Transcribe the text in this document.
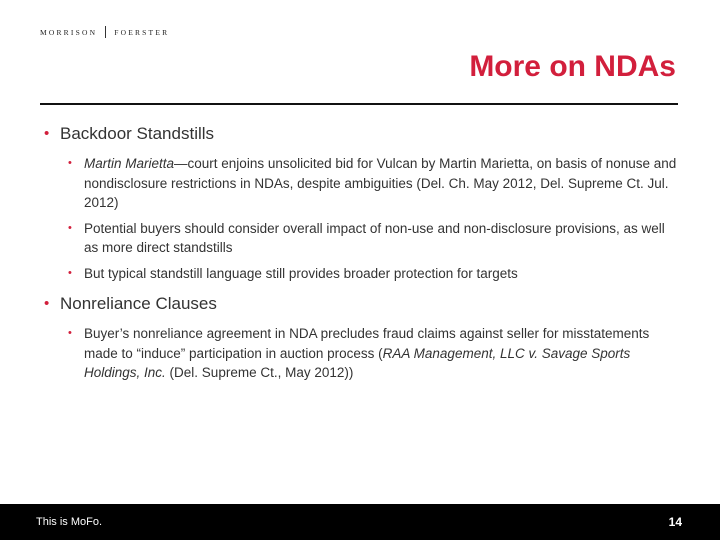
MORRISON FOERSTER
More on NDAs
• Backdoor Standstills
• Martin Marietta—court enjoins unsolicited bid for Vulcan by Martin Marietta, on basis of nonuse and nondisclosure restrictions in NDAs, despite ambiguities (Del. Ch. May 2012, Del. Supreme Ct. Jul. 2012)
• Potential buyers should consider overall impact of non-use and non-disclosure provisions, as well as more direct standstills
• But typical standstill language still provides broader protection for targets
• Nonreliance Clauses
• Buyer’s nonreliance agreement in NDA precludes fraud claims against seller for misstatements made to “induce” participation in auction process (RAA Management, LLC v. Savage Sports Holdings, Inc. (Del. Supreme Ct., May 2012))
This is MoFo.	14
